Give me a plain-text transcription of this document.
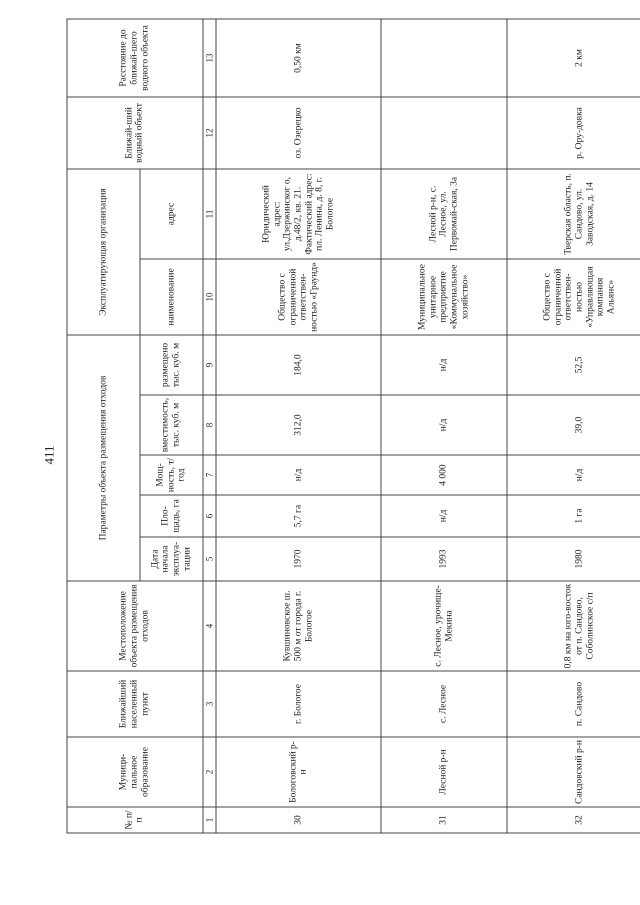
411
№ п/п	Муници-пальное образование	Ближайший населенный пункт	Местоположение объекта размещения отходов	Параметры объекта размещения отходов					Эксплуатирующая организация		Ближай-ший водный объект	Расстояние до ближай-шего водного объекта
				Дата начала эксплуа-тации	Пло-щадь, га	Мощ-ность, т/год	вместимость, тыс. куб. м	размещено тыс. куб. м	наименование	адрес		
1	2	3	4	5	6	7	8	9	10	11	12	13
30	Бологовский р-н	г. Бологое	Кувшиновское ш. 500 м от города г. Бологое	1970	5,7 га	н/д	312,0	184,0	Общество с ограниченной ответствен-ностью «Граунд»	Юридический адрес: ул.Дзержинског о, д.48/2, кв. 21. Фактический адрес: пл. Ленина, д. 8, г. Бологое	оз. Озерецко	0,50 км
31	Лесной р-н	с. Лесное	с. Лесное, урочище-Мекина	1993	н/д	4 000	н/д	н/д	Муниципальное унитарное предприятие «Коммунальное хозяйство»	Лесной р-н, с. Лесное, ул. Первомай-ская, 3а		
32	Сандовский р-н	п. Сандово	0,8 км на юго-восток от п. Сандово, Соболинское с/п	1980	1 га	н/д	39,0	52,5	Общество с ограниченной ответствен-ностью «Управляющая компания Альянс»	Тверская область, п. Сандово, ул. Заводская, д. 14	р. Ору-довка	2 км
